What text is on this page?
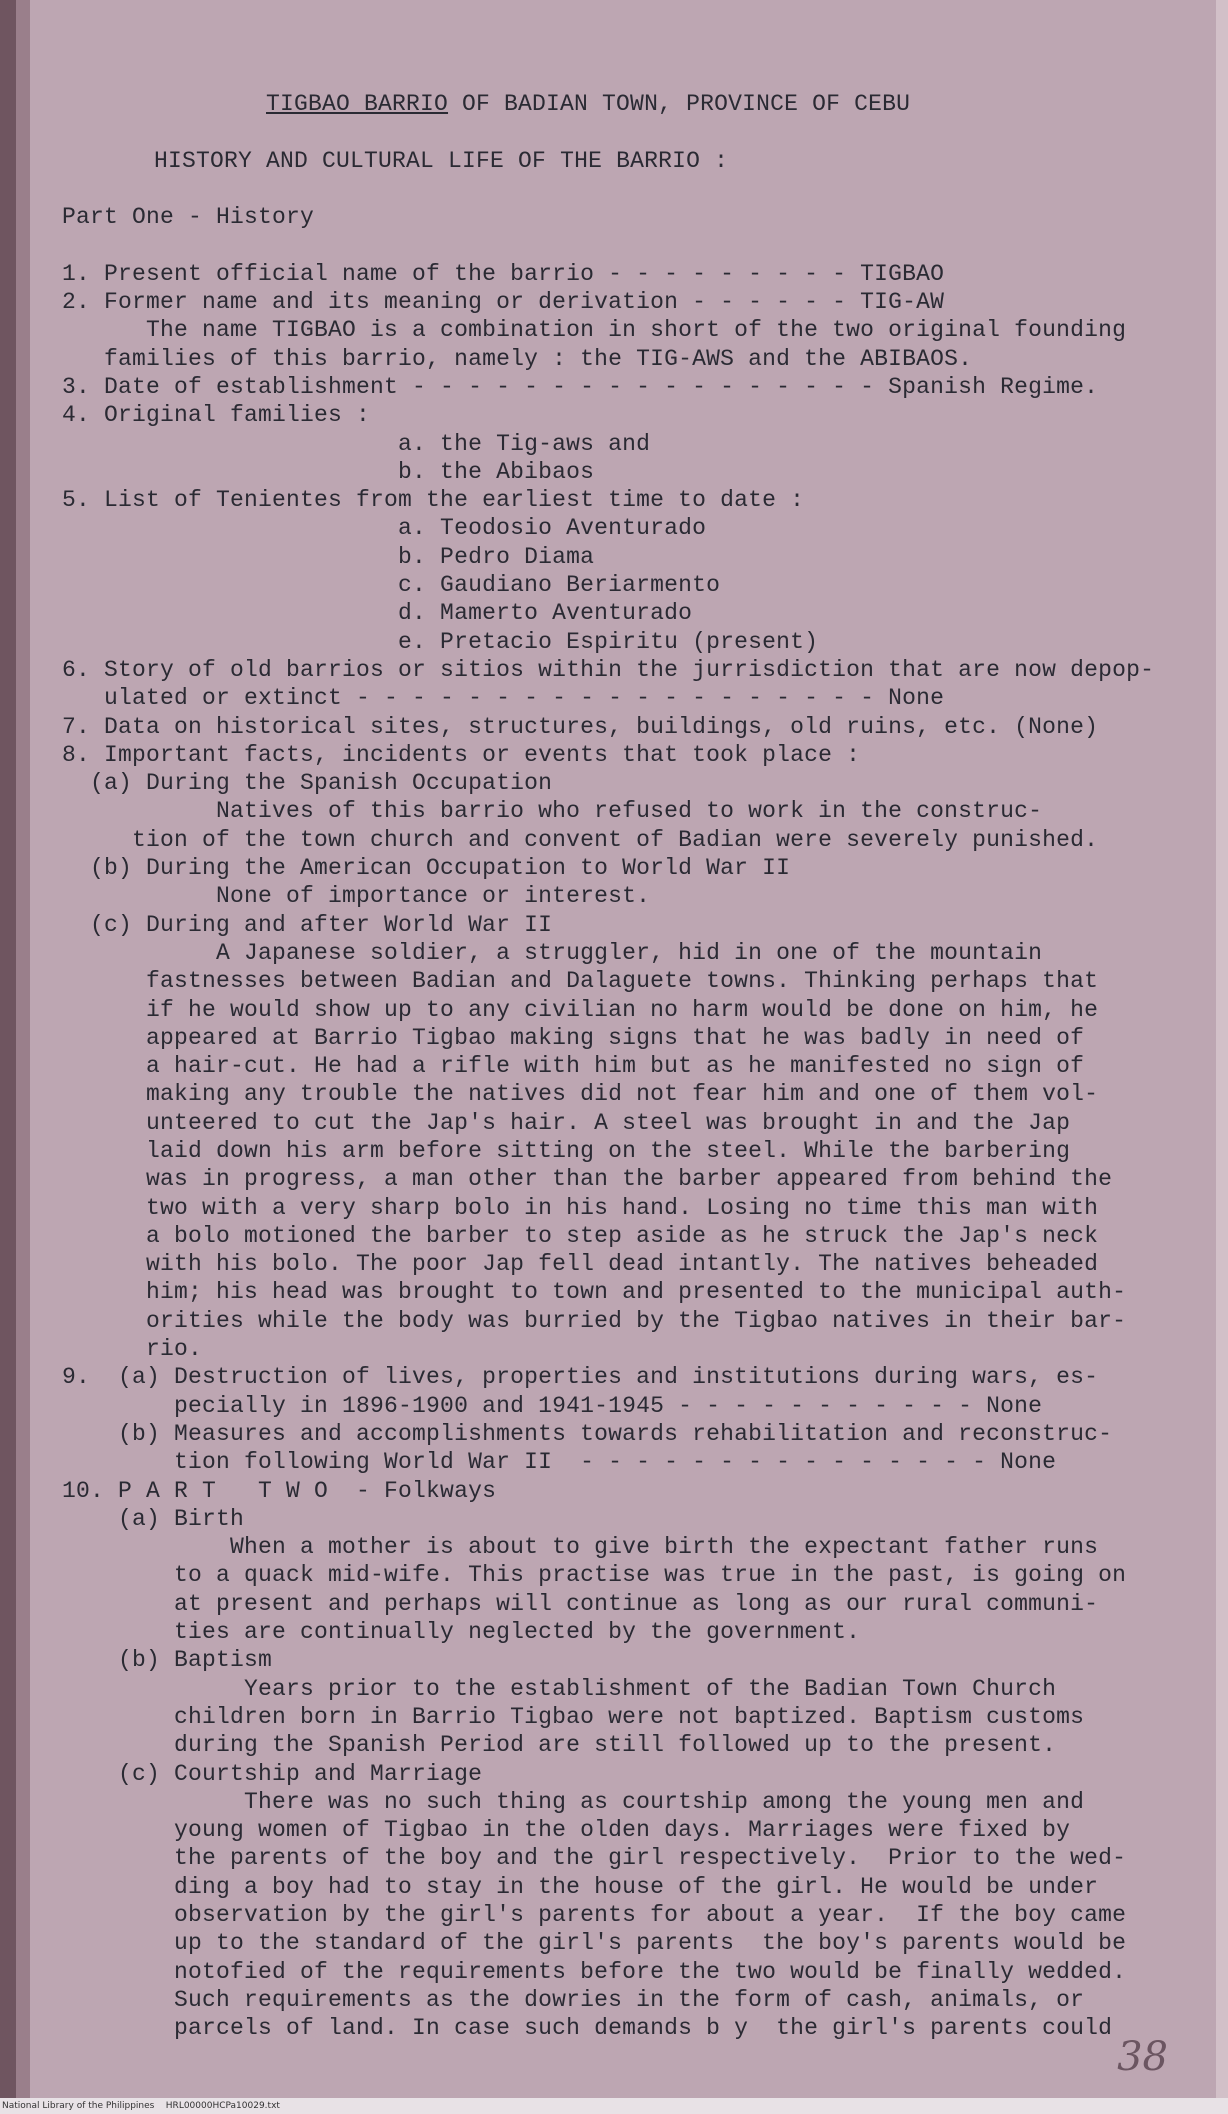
TIGBAO BARRIO OF BADIAN TOWN, PROVINCE OF CEBU
HISTORY AND CULTURAL LIFE OF THE BARRIO :
Part One - History
1. Present official name of the barrio - - - - - - - - - TIGBAO
2. Former name and its meaning or derivation - - - - - - TIG-AW
The name TIGBAO is a combination in short of the two original founding
families of this barrio, namely : the TIG-AWS and the ABIBAOS.
3. Date of establishment - - - - - - - - - - - - - - - - - Spanish Regime.
4. Original families :
a. the Tig-aws and
b. the Abibaos
5. List of Tenientes from the earliest time to date :
a. Teodosio Aventurado
b. Pedro Diama
c. Gaudiano Beriarmento
d. Mamerto Aventurado
e. Pretacio Espiritu (present)
6. Story of old barrios or sitios within the jurrisdiction that are now depop-
ulated or extinct - - - - - - - - - - - - - - - - - - - None
7. Data on historical sites, structures, buildings, old ruins, etc. (None)
8. Important facts, incidents or events that took place :
(a) During the Spanish Occupation
Natives of this barrio who refused to work in the construc-
tion of the town church and convent of Badian were severely punished.
(b) During the American Occupation to World War II
None of importance or interest.
(c) During and after World War II
A Japanese soldier, a struggler, hid in one of the mountain
fastnesses between Badian and Dalaguete towns. Thinking perhaps that
if he would show up to any civilian no harm would be done on him, he
appeared at Barrio Tigbao making signs that he was badly in need of
a hair-cut. He had a rifle with him but as he manifested no sign of
making any trouble the natives did not fear him and one of them vol-
unteered to cut the Jap's hair. A steel was brought in and the Jap
laid down his arm before sitting on the steel. While the barbering
was in progress, a man other than the barber appeared from behind the
two with a very sharp bolo in his hand. Losing no time this man with
a bolo motioned the barber to step aside as he struck the Jap's neck
with his bolo. The poor Jap fell dead intantly. The natives beheaded
him; his head was brought to town and presented to the municipal auth-
orities while the body was burried by the Tigbao natives in their bar-
rio.
9.  (a) Destruction of lives, properties and institutions during wars, es-
pecially in 1896-1900 and 1941-1945 - - - - - - - - - - - None
(b) Measures and accomplishments towards rehabilitation and reconstruc-
tion following World War II  - - - - - - - - - - - - - - - None
10. P A R T   T W O  - Folkways
(a) Birth
When a mother is about to give birth the expectant father runs
to a quack mid-wife. This practise was true in the past, is going on
at present and perhaps will continue as long as our rural communi-
ties are continually neglected by the government.
(b) Baptism
Years prior to the establishment of the Badian Town Church
children born in Barrio Tigbao were not baptized. Baptism customs
during the Spanish Period are still followed up to the present.
(c) Courtship and Marriage
There was no such thing as courtship among the young men and
young women of Tigbao in the olden days. Marriages were fixed by
the parents of the boy and the girl respectively.  Prior to the wed-
ding a boy had to stay in the house of the girl. He would be under
observation by the girl's parents for about a year.  If the boy came
up to the standard of the girl's parents  the boy's parents would be
notofied of the requirements before the two would be finally wedded.
Such requirements as the dowries in the form of cash, animals, or
parcels of land. In case such demands b y  the girl's parents could
38
National Library of the Philippines    HRL00000HCPa10029.txt
